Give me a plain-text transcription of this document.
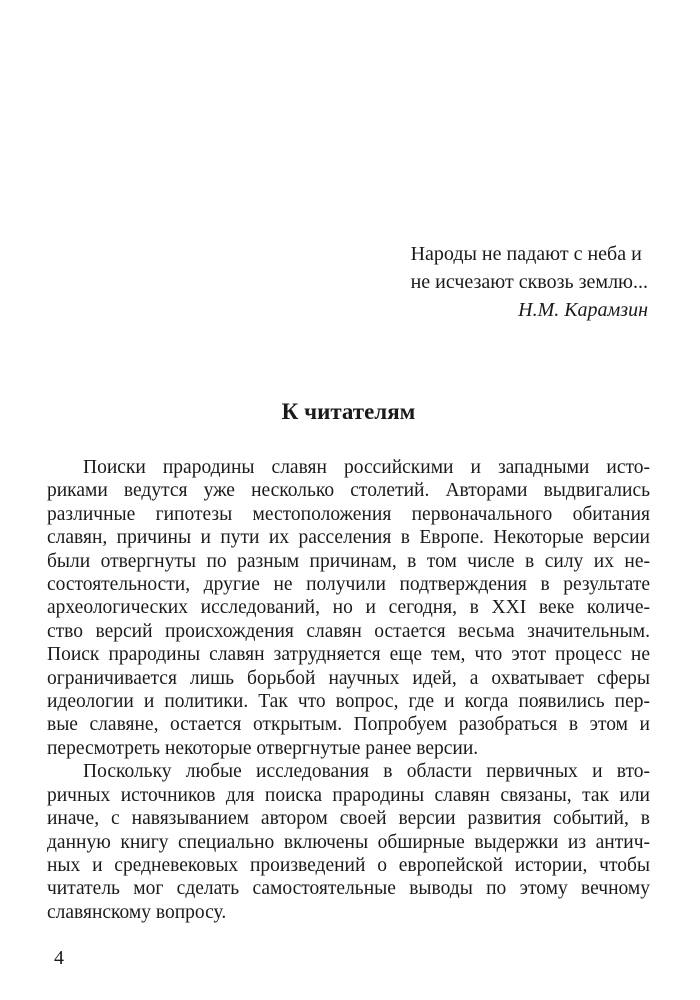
Народы не падают с неба и
не исчезают сквозь землю...
Н.М. Карамзин
К читателям
Поиски прародины славян российскими и западными исто-
риками ведутся уже несколько столетий. Авторами выдвигались
различные гипотезы местоположения первоначального обитания
славян, причины и пути их расселения в Европе. Некоторые версии
были отвергнуты по разным причинам, в том числе в силу их не-
состоятельности, другие не получили подтверждения в результате
археологических исследований, но и сегодня, в XXI веке количе-
ство версий происхождения славян остается весьма значительным.
Поиск прародины славян затрудняется еще тем, что этот процесс не
ограничивается лишь борьбой научных идей, а охватывает сферы
идеологии и политики. Так что вопрос, где и когда появились пер-
вые славяне, остается открытым. Попробуем разобраться в этом и
пересмотреть некоторые отвергнутые ранее версии.
Поскольку любые исследования в области первичных и вто-
ричных источников для поиска прародины славян связаны, так или
иначе, с навязыванием автором своей версии развития событий, в
данную книгу специально включены обширные выдержки из антич-
ных и средневековых произведений о европейской истории, чтобы
читатель мог сделать самостоятельные выводы по этому вечному
славянскому вопросу.
4
